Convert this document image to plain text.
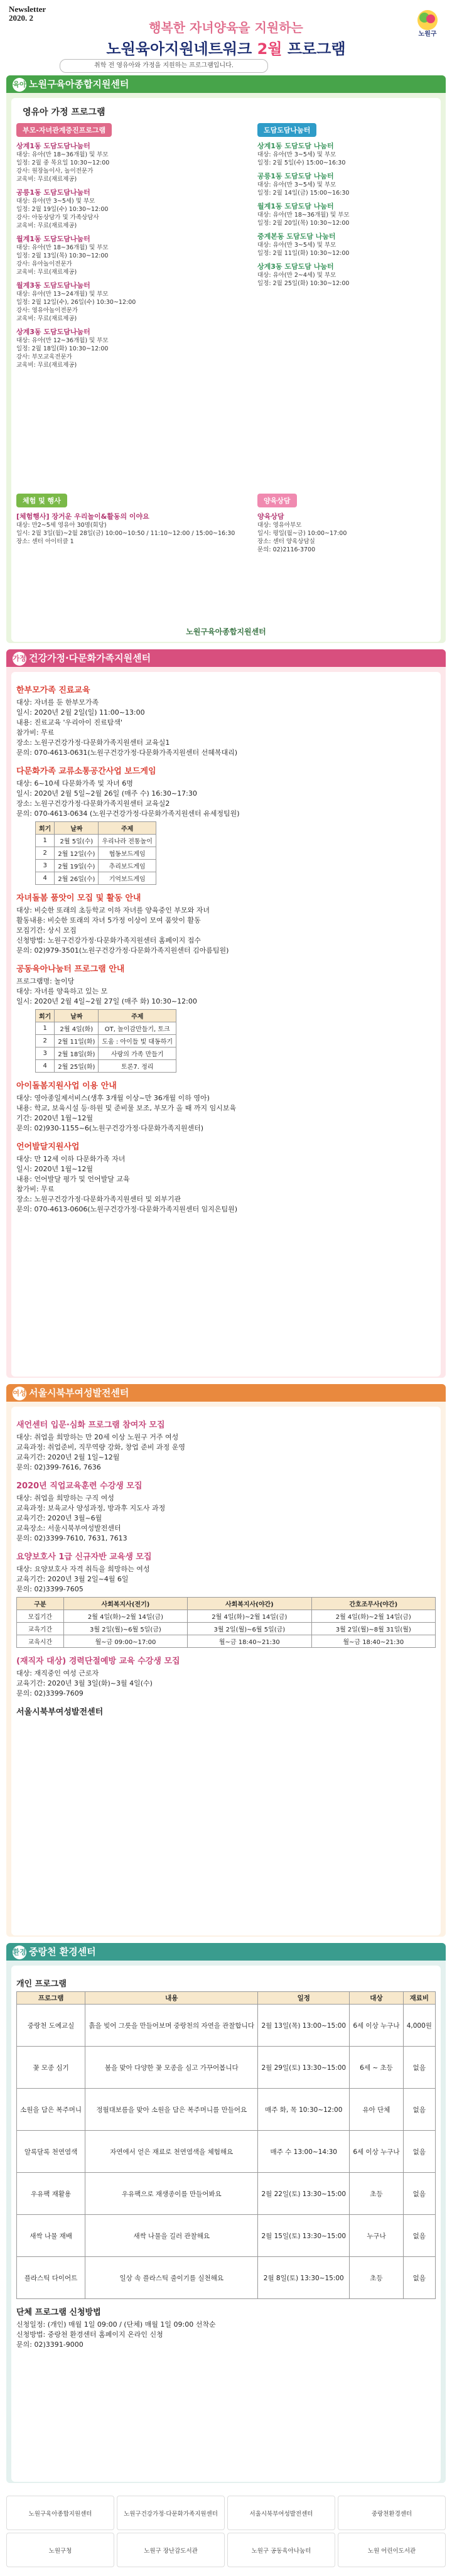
Newsletter
2020. 2
노원구
행복한 자녀양육을 지원하는
노원육아지원네트워크 2월 프로그램
취학 전 영유아와 가정을 지원하는 프로그램입니다.
육아 노원구육아종합지원센터
영유아 가정 프로그램
부모-자녀관계증진프로그램
상계1동 도담도담나눔터
대상: 유아(만 18~36개월) 및 부모
일정: 2월 중 목요일 10:30~12:00
강사: 원장놀이사, 놀이전문가
교육비: 무료(재료제공)
공릉1동 도담도담나눔터
대상: 유아(만 3~5세) 및 부모
일정: 2월 19일(수) 10:30~12:00
강사: 아동상담가 및 가족상담사
교육비: 무료(재료제공)
월계1동 도담도담나눔터
대상: 유아(만 18~36개월) 및 부모
일정: 2월 13일(목) 10:30~12:00
강사: 유아놀이전문가
교육비: 무료(재료제공)
월계3동 도담도담나눔터
대상: 유아(만 13~24개월) 및 부모
일정: 2월 12일(수), 26일(수) 10:30~12:00
강사: 영유아놀이전문가
교육비: 무료(재료제공)
상계3동 도담도담나눔터
대상: 유아(만 12~36개월) 및 부모
일정: 2월 18일(화) 10:30~12:00
강사: 부모교육전문가
교육비: 무료(재료제공)
도담도담나눔터
상계1동 도담도담 나눔터
대상: 유아(만 3~5세) 및 부모
일정: 2월 5일(수) 15:00~16:30
공릉1동 도담도담 나눔터
대상: 유아(만 3~5세) 및 부모
일정: 2월 14일(금) 15:00~16:30
월계1동 도담도담 나눔터
대상: 유아(만 18~36개월) 및 부모
일정: 2월 20일(목) 10:30~12:00
중계본동 도담도담 나눔터
대상: 유아(만 3~5세) 및 부모
일정: 2월 11일(화) 10:30~12:00
상계3동 도담도담 나눔터
대상: 유아(만 2~4세) 및 부모
일정: 2월 25일(화) 10:30~12:00
체험 및 행사
[체험행사] 장거운 우리놀이&활동의 이야요
대상: 만2~5세 영유아 30명(회당)
일시: 2월 3일(월)~2월 28일(금) 10:00~10:50 / 11:10~12:00 / 15:00~16:30
장소: 센터 아이터클 1
양육상담
양육상담
대상: 영유아부모
일시: 평일(월~금) 10:00~17:00
장소: 센터 양육상담실
문의: 02)2116-3700
노원구육아종합지원센터
가정 건강가정·다문화가족지원센터
한부모가족 진료교육
대상: 자녀를 둔 한부모가족
일시: 2020년 2월 2일(일) 11:00~13:00
내용: 진료교육 '우리아이 진료탐색'
참가비: 무료
장소: 노원구건강가정·다문화가족지원센터 교육실1
문의: 070-4613-0631(노원구건강가정·다문화가족지원센터 선혜복대리)
다문화가족 교류소통공간사업 보드게임
대상: 6~10세 다문화가족 및 자녀 6명
일시: 2020년 2월 5일~2월 26일 (매주 수) 16:30~17:30
장소: 노원구건강가정·다문화가족지원센터 교육실2
문의: 070-4613-0634 (노원구건강가정·다문화가족지원센터 유세정팀원)
회기	날짜	주제
1	2월 5일(수)	우리나라 전통놀이
2	2월 12일(수)	협동보드게임
3	2월 19일(수)	추리보드게임
4	2월 26일(수)	기억보드게임
자녀돌봄 품앗이 모집 및 활동 안내
대상: 비슷한 또래의 초등학교 이하 자녀를 양육중인 부모와 자녀
활동내용: 비슷한 또래의 자녀 5가정 이상이 모여 품앗이 활동
모집기간: 상시 모집
신청방법: 노원구건강가정·다문화가족지원센터 홈페이지 접수
문의: 02)979-3501(노원구건강가정·다문화가족지원센터 김아름팀원)
공동육아나눔터 프로그램 안내
프로그램명: 놀이당
대상: 자녀를 양육하고 있는 모
일시: 2020년 2월 4일~2월 27일 (매주 화) 10:30~12:00
회기	날짜	주제
1	2월 4일(화)	OT, 놀이감만들기, 토크
2	2월 11일(화)	도움 : 아이들 빛 대동하기
3	2월 18일(화)	사랑의 가족 만들기
4	2월 25일(화)	토론7. 정리
아이돌봄지원사업 이용 안내
대상: 영아종일제서비스(생후 3개월 이상~만 36개월 이하 영아)
내용: 학교, 보육시설 등·하원 및 준비물 보조, 부모가 올 때 까지 임시보육
기간: 2020년 1월~12월
문의: 02)930-1155~6(노원구건강가정·다문화가족지원센터)
언어발달지원사업
대상: 만 12세 이하 다문화가족 자녀
일시: 2020년 1월~12월
내용: 언어발달 평가 및 언어발달 교육
참가비: 무료
장소: 노원구건강가정·다문화가족지원센터 및 외부기관
문의: 070-4613-0606(노원구건강가정·다문화가족지원센터 임지은팀원)
여성 서울시북부여성발전센터
새언센터 입문·심화 프로그램 참여자 모집
대상: 취업을 희망하는 만 20세 이상 노원구 거주 여성
교육과정: 취업준비, 직무역량 강화, 창업 준비 과정 운영
교육기간: 2020년 2월 1일~12월
문의: 02)399-7616, 7636
2020년 직업교육훈련 수강생 모집
대상: 취업을 희망하는 구직 여성
교육과정: 보육교사 양성과정, 방과후 지도사 과정
교육기간: 2020년 3월~6월
교육장소: 서울시북부여성발전센터
문의: 02)3399-7610, 7631, 7613
요양보호사 1급 신규자반 교육생 모집
대상: 요양보호사 자격 취득을 희망하는 여성
교육기간: 2020년 3월 2일~4월 6일
문의: 02)3399-7605
구분	사회복지사(전기)	사회복지사(야간)	간호조무사(야간)
모집기간	2월 4일(화)~2월 14일(금)	2월 4일(화)~2월 14일(금)	2월 4일(화)~2월 14일(금)
교육기간	3월 2일(월)~6월 5일(금)	3월 2일(월)~6월 5일(금)	3월 2일(월)~8월 31일(월)
교육시간	월~금 09:00~17:00	월~금 18:40~21:30	월~금 18:40~21:30
(재직자 대상) 경력단절예방 교육 수강생 모집
대상: 재직중인 여성 근로자
교육기간: 2020년 3월 3일(화)~3월 4일(수)
문의: 02)3399-7609
서울시북부여성발전센터
환경 중랑천 환경센터
개인 프로그램
프로그램	내용	일정	대상	재료비
중랑천 도예교실	흙을 빚어 그릇을 만들어보며 중랑천의 자연을 관찰합니다	2월 13일(목) 13:00~15:00	6세 이상 누구나	4,000원
꽃 모종 심기	봄을 맞아 다양한 꽃 모종을 심고 가꾸어봅니다	2월 29일(토) 13:30~15:00	6세 ~ 초등	없음
소원을 담은 복주머니	정월대보름을 맞아 소원을 담은 복주머니를 만들어요	매주 화, 목 10:30~12:00	유아 단체	없음
알록달록 천연염색	자연에서 얻은 재료로 천연염색을 체험해요	매주 수 13:00~14:30	6세 이상 누구나	없음
우유팩 재활용	우유팩으로 재생종이를 만들어봐요	2월 22일(토) 13:30~15:00	초등	없음
새싹 나물 재배	새싹 나물을 길러 관찰해요	2월 15일(토) 13:30~15:00	누구나	없음
플라스틱 다이어트	일상 속 플라스틱 줄이기를 실천해요	2월 8일(토) 13:30~15:00	초등	없음
단체 프로그램 신청방법
신청일정: (개인) 매월 1일 09:00 / (단체) 매월 1일 09:00 선착순
신청방법: 중랑천 환경센터 홈페이지 온라인 신청
문의: 02)3391-9000
노원구육아종합지원센터	노원구건강가정·다문화가족지원센터	서울시북부여성발전센터	중랑천환경센터
노원구청	노원구 장난감도서관	노원구 공동육아나눔터	노원 어린이도서관
